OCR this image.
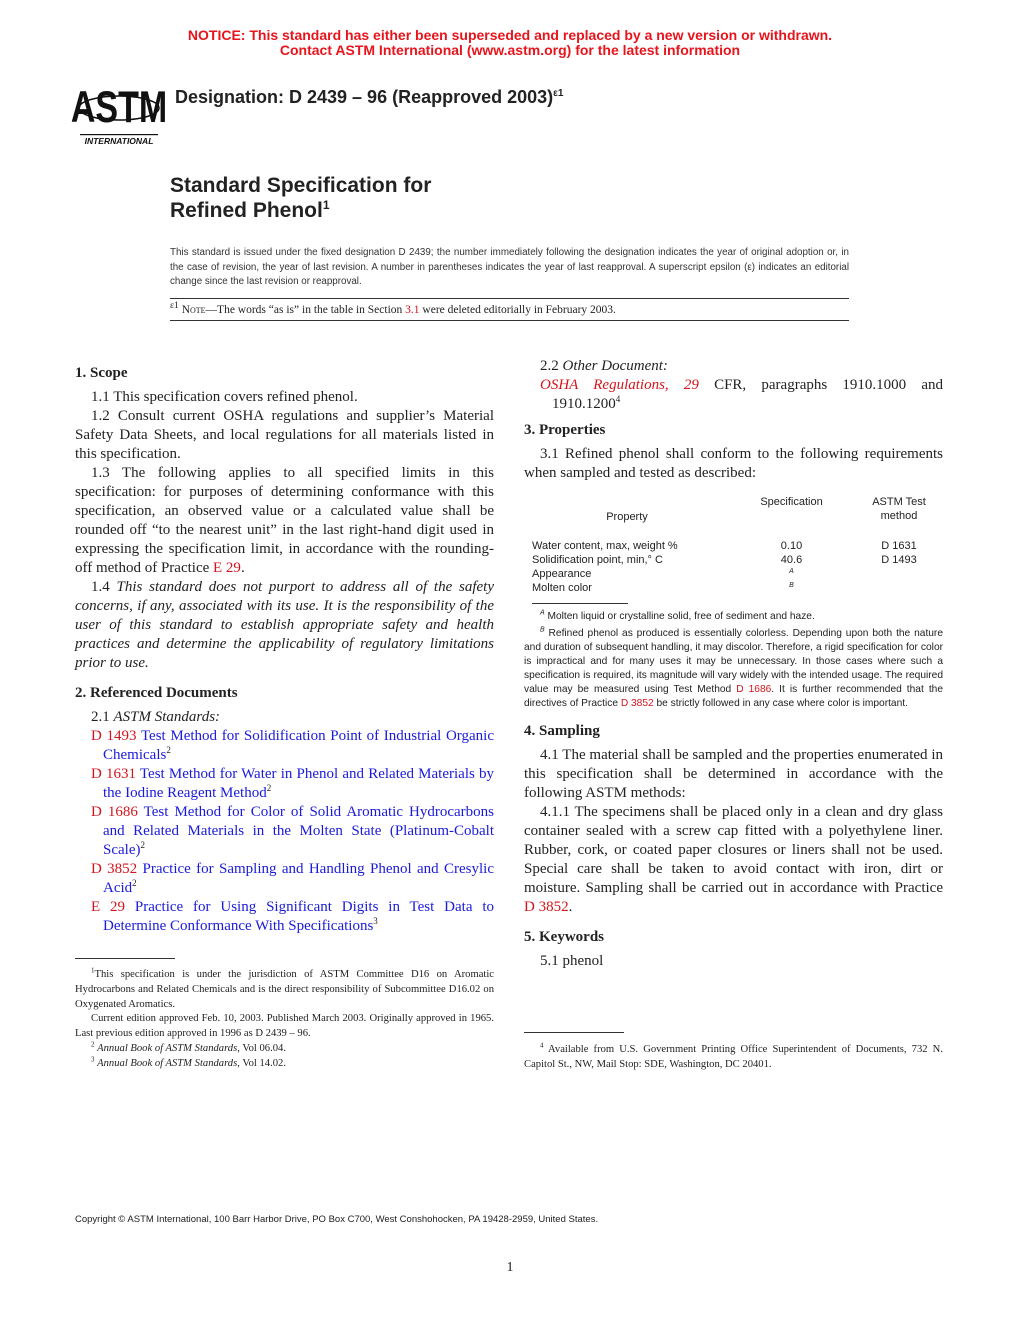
NOTICE: This standard has either been superseded and replaced by a new version or withdrawn.
Contact ASTM International (www.astm.org) for the latest information
ASTM
INTERNATIONAL
Designation: D 2439 – 96 (Reapproved 2003)$^{\varepsilon 1}$
Standard Specification for
Refined Phenol$^1$
This standard is issued under the fixed designation D 2439; the number immediately following the designation indicates the year of original adoption or, in the case of revision, the year of last revision. A number in parentheses indicates the year of last reapproval. A superscript epsilon (ε) indicates an editorial change since the last revision or reapproval.
$^{\varepsilon 1}$ Note—The words “as is” in the table in Section 3.1 were deleted editorially in February 2003.

1. Scope

1.1 This specification covers refined phenol.

1.2 Consult current OSHA regulations and supplier’s Material Safety Data Sheets, and local regulations for all materials listed in this specification.

1.3 The following applies to all specified limits in this specification: for purposes of determining conformance with this specification, an observed value or a calculated value shall be rounded off “to the nearest unit” in the last right-hand digit used in expressing the specification limit, in accordance with the rounding-off method of Practice E 29.

1.4 This standard does not purport to address all of the safety concerns, if any, associated with its use. It is the responsibility of the user of this standard to establish appropriate safety and health practices and determine the applicability of regulatory limitations prior to use.

2. Referenced Documents

2.1 ASTM Standards:

D 1493 Test Method for Solidification Point of Industrial Organic Chemicals$^2$

D 1631 Test Method for Water in Phenol and Related Materials by the Iodine Reagent Method$^2$

D 1686 Test Method for Color of Solid Aromatic Hydrocarbons and Related Materials in the Molten State (Platinum-Cobalt Scale)$^2$

D 3852 Practice for Sampling and Handling Phenol and Cresylic Acid$^2$

E 29 Practice for Using Significant Digits in Test Data to Determine Conformance With Specifications$^3$

2.2 Other Document:

OSHA Regulations, 29 CFR, paragraphs 1910.1000 and 1910.1200$^4$

3. Properties

3.1 Refined phenol shall conform to the following requirements when sampled and tested as described:

Property	Specification	ASTM Test method
Water content, max, weight %	0.10	D 1631
Solidification point, min,° C	40.6	D 1493
Appearance	A	
Molten color	B	

$^A$ Molten liquid or crystalline solid, free of sediment and haze.

$^B$ Refined phenol as produced is essentially colorless. Depending upon both the nature and duration of subsequent handling, it may discolor. Therefore, a rigid specification for color is impractical and for many uses it may be unnecessary. In those cases where such a specification is required, its magnitude will vary widely with the intended usage. The required value may be measured using Test Method D 1686. It is further recommended that the directives of Practice D 3852 be strictly followed in any case where color is important.

4. Sampling

4.1 The material shall be sampled and the properties enumerated in this specification shall be determined in accordance with the following ASTM methods:

4.1.1 The specimens shall be placed only in a clean and dry glass container sealed with a screw cap fitted with a polyethylene liner. Rubber, cork, or coated paper closures or liners shall not be used. Special care shall be taken to avoid contact with iron, dirt or moisture. Sampling shall be carried out in accordance with Practice D 3852.

5. Keywords

5.1 phenol

$^1$This specification is under the jurisdiction of ASTM Committee D16 on Aromatic Hydrocarbons and Related Chemicals and is the direct responsibility of Subcommittee D16.02 on Oxygenated Aromatics.
Current edition approved Feb. 10, 2003. Published March 2003. Originally approved in 1965. Last previous edition approved in 1996 as D 2439 – 96.
$^2$ Annual Book of ASTM Standards, Vol 06.04.
$^3$ Annual Book of ASTM Standards, Vol 14.02.
$^4$ Available from U.S. Government Printing Office Superintendent of Documents, 732 N. Capitol St., NW, Mail Stop: SDE, Washington, DC 20401.
Copyright © ASTM International, 100 Barr Harbor Drive, PO Box C700, West Conshohocken, PA 19428-2959, United States.
1
